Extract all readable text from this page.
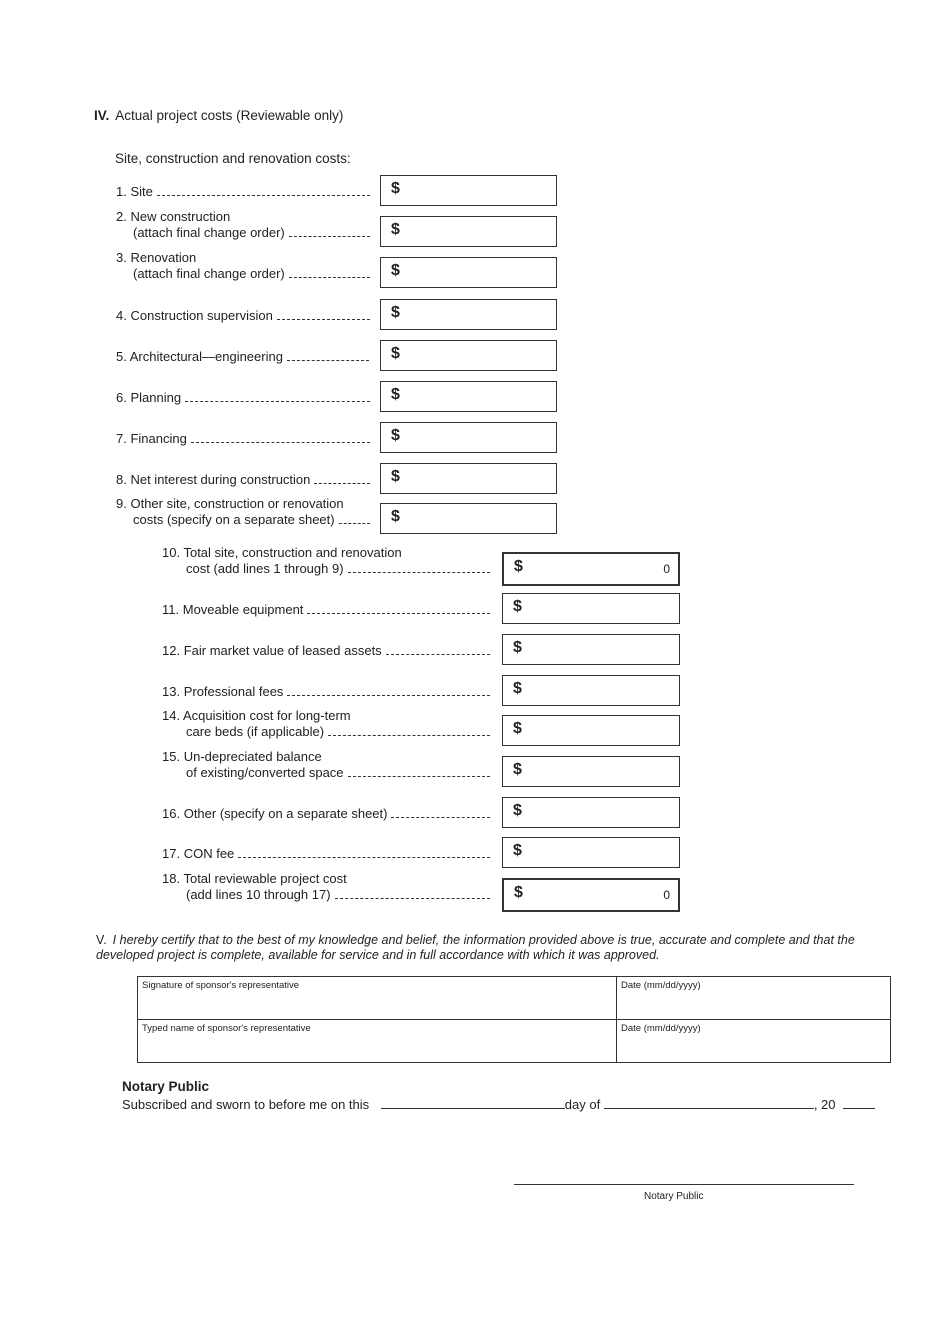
IV. Actual project costs (Reviewable only)
Site, construction and renovation costs:
1. Site	$
2. New construction
(attach final change order)	$
3. Renovation
(attach final change order)	$
4. Construction supervision	$
5. Architectural—engineering	$
6. Planning	$
7. Financing	$
8. Net interest during construction	$
9. Other site, construction or renovation
costs (specify on a separate sheet)	$
10. Total site, construction and renovation
cost (add lines 1 through 9)	$	0
11. Moveable equipment	$
12. Fair market value of leased assets	$
13. Professional fees	$
14. Acquisition cost for long-term
care beds (if applicable)	$
15. Un-depreciated balance
of existing/converted space	$
16. Other (specify on a separate sheet)	$
17. CON fee	$
18. Total reviewable project cost
(add lines 10 through 17)	$	0
V. I hereby certify that to the best of my knowledge and belief, the information provided above is true, accurate and complete and that the developed project is complete, available for service and in full accordance with which it was approved.
Signature of sponsor's representative	Date (mm/dd/yyyy)
Typed name of sponsor's representative	Date (mm/dd/yyyy)
Notary Public
Subscribed and sworn to before me on this	day of	, 20
Notary Public
